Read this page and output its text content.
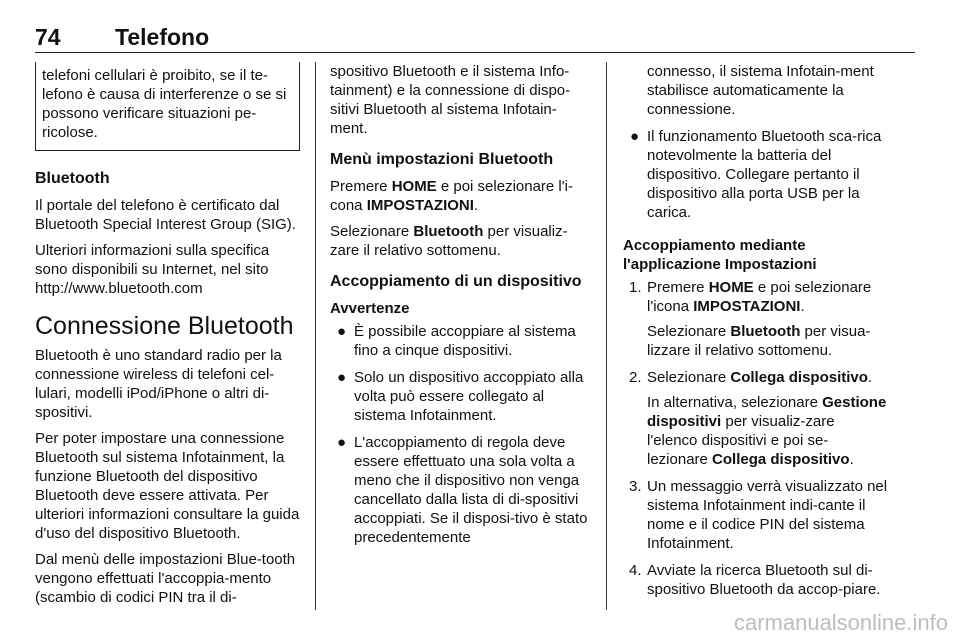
74 Telefono
telefoni cellulari è proibito, se il te-lefono è causa di interferenze o se si possono verificare situazioni pe-ricolose.
Bluetooth

Il portale del telefono è certificato dal Bluetooth Special Interest Group (SIG).

Ulteriori informazioni sulla specifica sono disponibili su Internet, nel sito http://www.bluetooth.com

Connessione Bluetooth

Bluetooth è uno standard radio per la connessione wireless di telefoni cel-lulari, modelli iPod/iPhone o altri di-spositivi.

Per poter impostare una connessione Bluetooth sul sistema Infotainment, la funzione Bluetooth del dispositivo Bluetooth deve essere attivata. Per ulteriori informazioni consultare la guida d'uso del dispositivo Bluetooth.

Dal menù delle impostazioni Blue-tooth vengono effettuati l'accoppia-mento (scambio di codici PIN tra il di-

spositivo Bluetooth e il sistema Info-tainment) e la connessione di dispo-sitivi Bluetooth al sistema Infotain-ment.

Menù impostazioni Bluetooth

Premere HOME e poi selezionare l'i-cona IMPOSTAZIONI.

Selezionare Bluetooth per visualiz-zare il relativo sottomenu.

Accoppiamento di un dispositivo
Avvertenze
● È possibile accoppiare al sistema fino a cinque dispositivi.
● Solo un dispositivo accoppiato alla volta può essere collegato al sistema Infotainment.
● L'accoppiamento di regola deve essere effettuato una sola volta a meno che il dispositivo non venga cancellato dalla lista di di-spositivi accoppiati. Se il disposi-tivo è stato precedentemente
connesso, il sistema Infotain-ment stabilisce automaticamente la connessione.
● Il funzionamento Bluetooth sca-rica notevolmente la batteria del dispositivo. Collegare pertanto il dispositivo alla porta USB per la carica.
Accoppiamento mediante
l'applicazione Impostazioni
1. Premere HOME e poi selezionare l'icona IMPOSTAZIONI.

Selezionare Bluetooth per visua-lizzare il relativo sottomenu.

2. Selezionare Collega dispositivo.

In alternativa, selezionare Gestione dispositivi per visualiz-zare l'elenco dispositivi e poi se-lezionare Collega dispositivo.

3. Un messaggio verrà visualizzato nel sistema Infotainment indi-cante il nome e il codice PIN del sistema Infotainment.

4. Avviate la ricerca Bluetooth sul di-spositivo Bluetooth da accop-piare.

carmanualsonline.info
